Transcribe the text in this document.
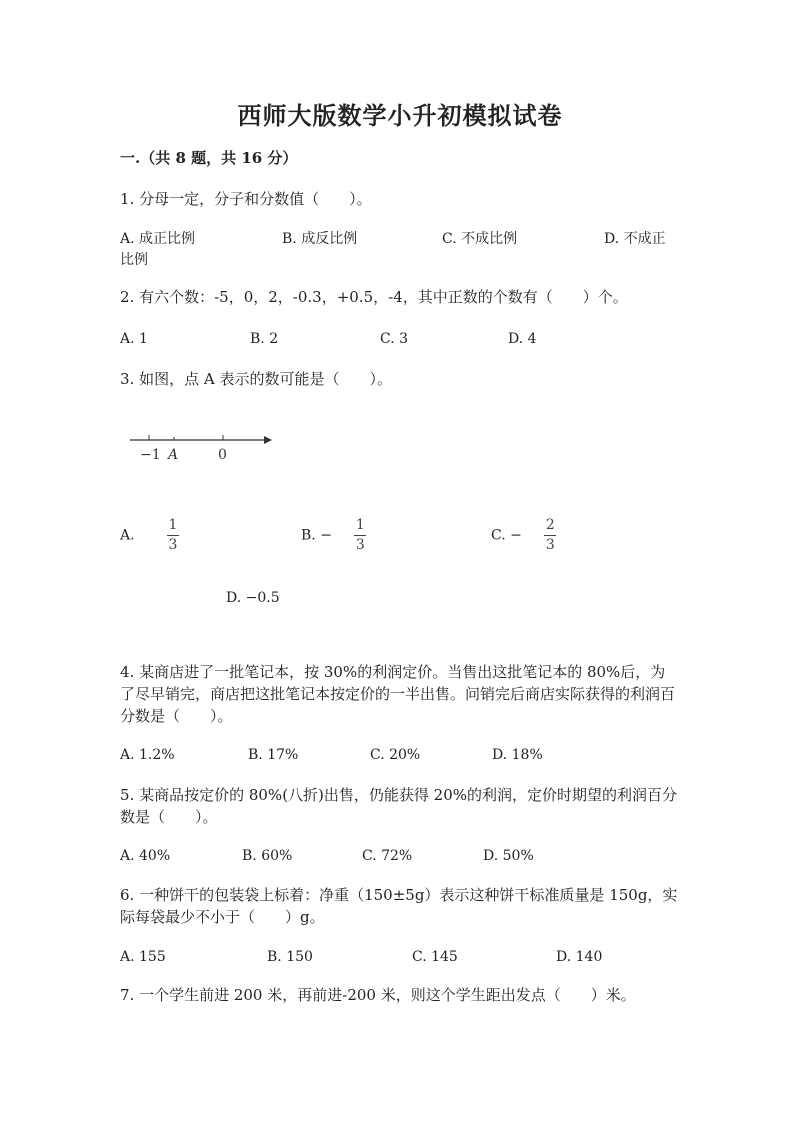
西师大版数学小升初模拟试卷
一.（共 8 题，共 16 分）
1. 分母一定，分子和分数值（　　）。
A. 成正比例	B. 成反比例	C. 不成比例	D. 不成正
比例
2. 有六个数：-5，0，2，-0.3，+0.5，-4，其中正数的个数有（　　）个。
A. 1	B. 2	C. 3	D. 4
3. 如图，点 A 表示的数可能是（　　）。
−1 A	0
A. $\frac{1}{3}$	B. − $\frac{1}{3}$	C. − $\frac{2}{3}$
D. −0.5
4. 某商店进了一批笔记本，按 30%的利润定价。当售出这批笔记本的 80%后，为了尽早销完，商店把这批笔记本按定价的一半出售。问销完后商店实际获得的利润百分数是（　　）。
A. 1.2%	B. 17%	C. 20%	D. 18%
5. 某商品按定价的 80%(八折)出售，仍能获得 20%的利润，定价时期望的利润百分数是（　　）。
A. 40%	B. 60%	C. 72%	D. 50%
6. 一种饼干的包装袋上标着：净重（150±5g）表示这种饼干标准质量是 150g，实际每袋最少不小于（　　）g。
A. 155	B. 150	C. 145	D. 140
7. 一个学生前进 200 米，再前进-200 米，则这个学生距出发点（　　）米。
